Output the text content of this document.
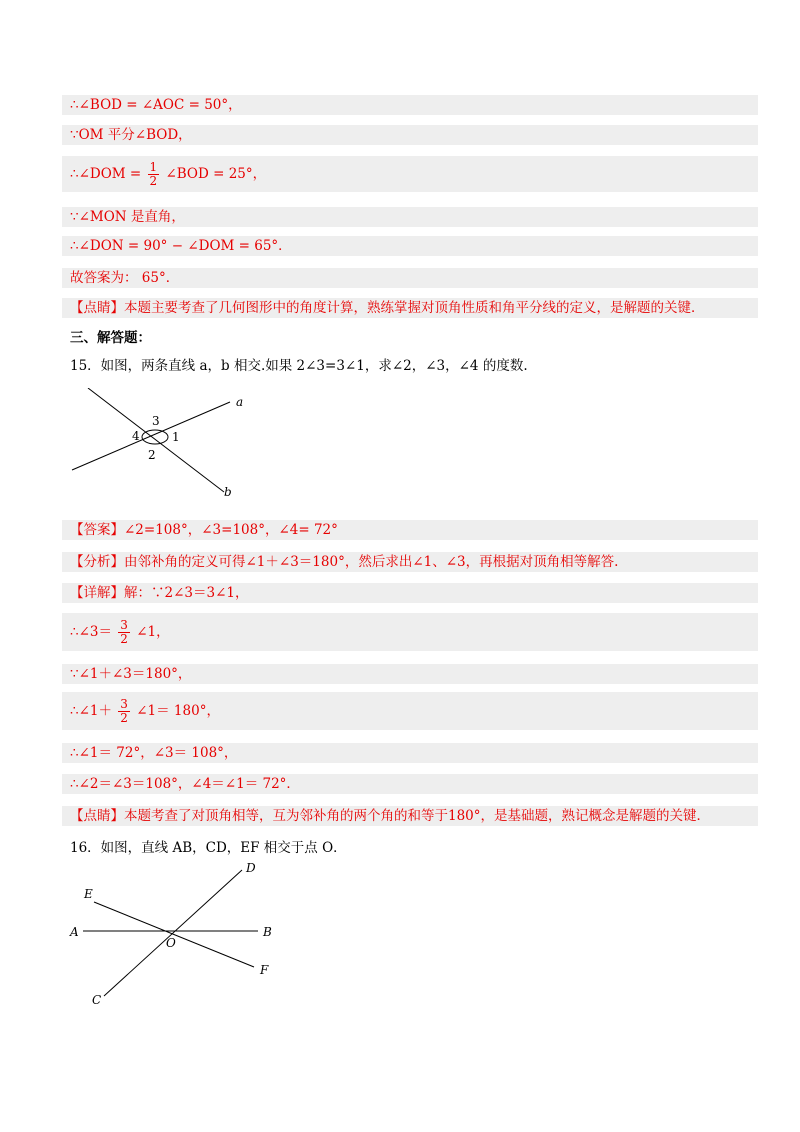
∴∠BOD = ∠AOC = 50°，
∵OM 平分∠BOD，
∴∠DOM = $\frac{1}{2}$ ∠BOD = 25°，
∵∠MON 是直角，
∴∠DON = 90° − ∠DOM = 65°．
故答案为： 65°．
【点睛】本题主要考查了几何图形中的角度计算，熟练掌握对顶角性质和角平分线的定义，是解题的关键．
三、解答题：
15．如图，两条直线 a，b 相交.如果 2∠3=3∠1，求∠2，∠3，∠4 的度数.
a
b
1
2
3
4
【答案】∠2=108°，∠3=108°，∠4= 72°
【分析】由邻补角的定义可得∠1＋∠3＝180°，然后求出∠1、∠3，再根据对顶角相等解答.
【详解】解：∵2∠3＝3∠1，
∴∠3＝ $\frac{3}{2}$ ∠1，
∵∠1＋∠3＝180°，
∴∠1＋ $\frac{3}{2}$ ∠1＝ 180°，
∴∠1＝ 72°，∠3＝ 108°，
∴∠2＝∠3＝108°，∠4＝∠1＝ 72°．
【点睛】本题考查了对顶角相等，互为邻补角的两个角的和等于180°，是基础题，熟记概念是解题的关键．
16．如图，直线 AB，CD，EF 相交于点 O．
A	B
C
D
E
F
O
